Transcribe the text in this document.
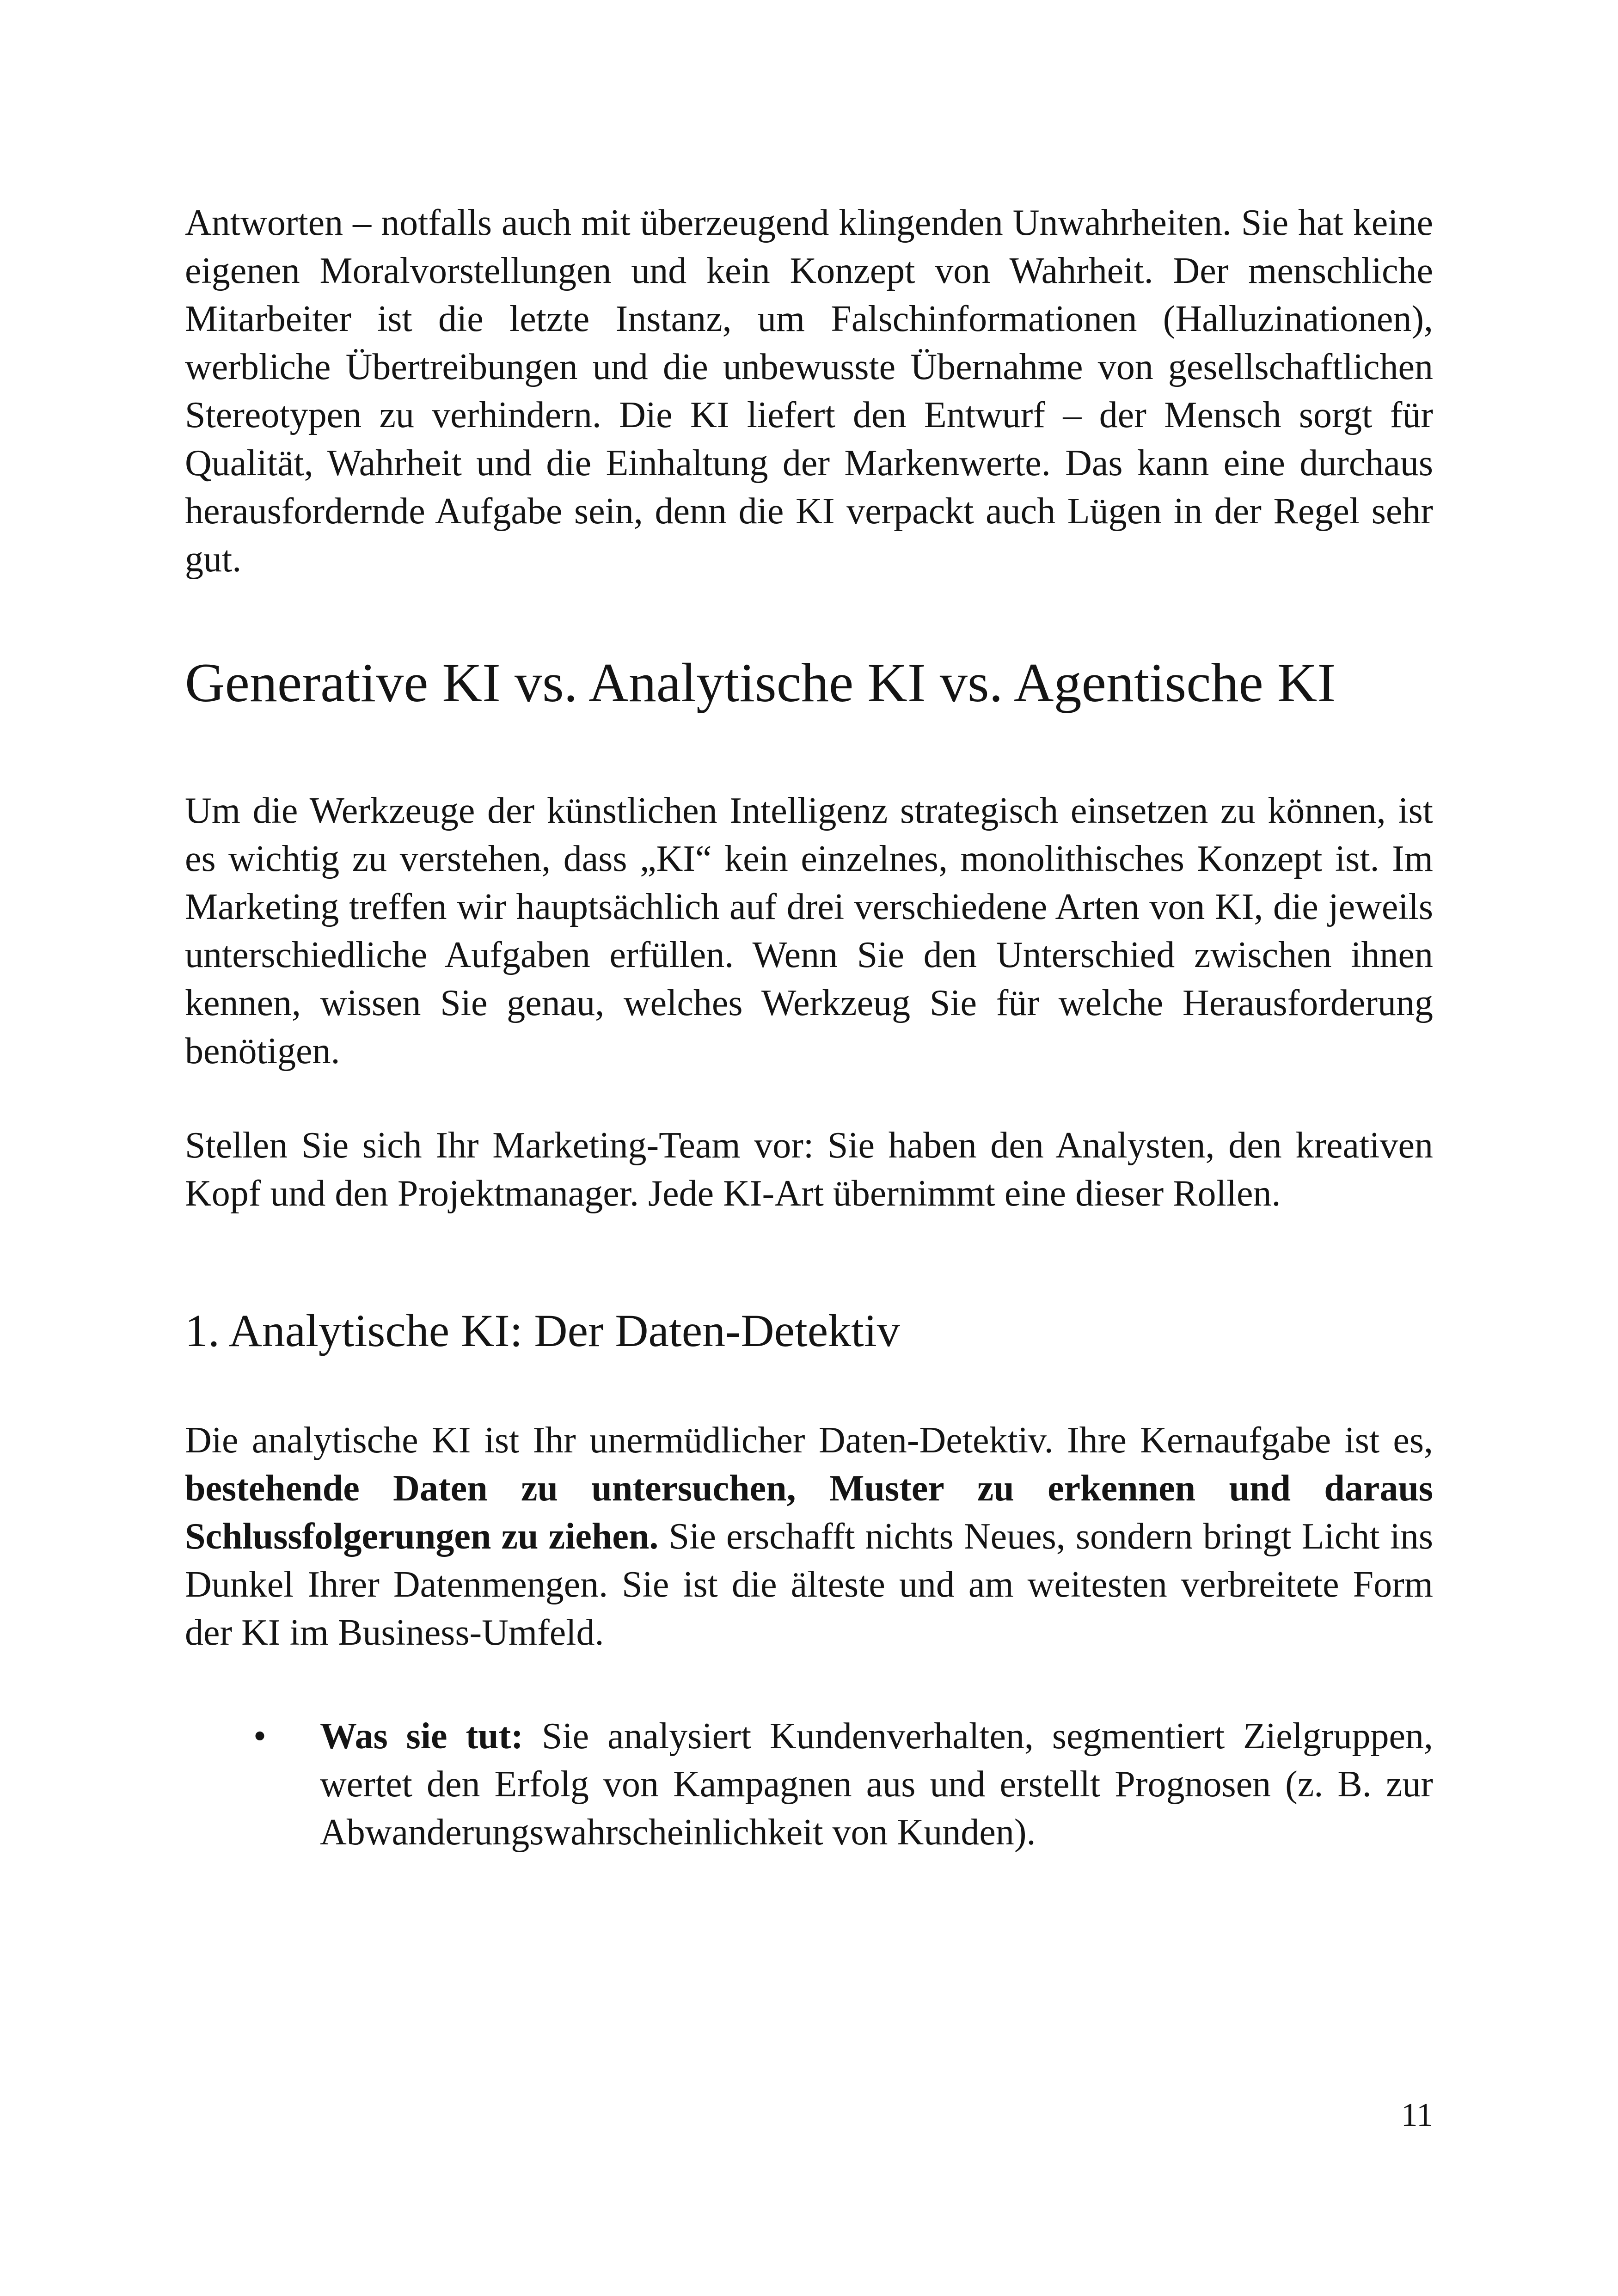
Antworten – notfalls auch mit überzeugend klingenden Unwahrheiten. Sie hat keine eigenen Moralvorstellungen und kein Konzept von Wahrheit. Der menschliche Mitarbeiter ist die letzte Instanz, um Falschinformationen (Halluzinationen), werbliche Übertreibungen und die unbewusste Übernahme von gesellschaftlichen Stereotypen zu verhindern. Die KI liefert den Entwurf – der Mensch sorgt für Qualität, Wahrheit und die Einhaltung der Markenwerte. Das kann eine durchaus herausfordernde Aufgabe sein, denn die KI verpackt auch Lügen in der Regel sehr gut.

Generative KI vs. Analytische KI vs. Agentische KI

Um die Werkzeuge der künstlichen Intelligenz strategisch einsetzen zu können, ist es wichtig zu verstehen, dass „KI“ kein einzelnes, monolithisches Konzept ist. Im Marketing treffen wir hauptsächlich auf drei verschiedene Arten von KI, die jeweils unterschiedliche Aufgaben erfüllen. Wenn Sie den Unterschied zwischen ihnen kennen, wissen Sie genau, welches Werkzeug Sie für welche Herausforderung benötigen.

Stellen Sie sich Ihr Marketing-Team vor: Sie haben den Analysten, den kreativen Kopf und den Projektmanager. Jede KI-Art übernimmt eine dieser Rollen.

1. Analytische KI: Der Daten-Detektiv

Die analytische KI ist Ihr unermüdlicher Daten-Detektiv. Ihre Kernaufgabe ist es, bestehende Daten zu untersuchen, Muster zu erkennen und daraus Schlussfolgerungen zu ziehen. Sie erschafft nichts Neues, sondern bringt Licht ins Dunkel Ihrer Datenmengen. Sie ist die älteste und am weitesten verbreitete Form der KI im Business-Umfeld.

• Was sie tut: Sie analysiert Kundenverhalten, segmentiert Zielgruppen, wertet den Erfolg von Kampagnen aus und erstellt Prognosen (z. B. zur Abwanderungswahrscheinlichkeit von Kunden).
11
